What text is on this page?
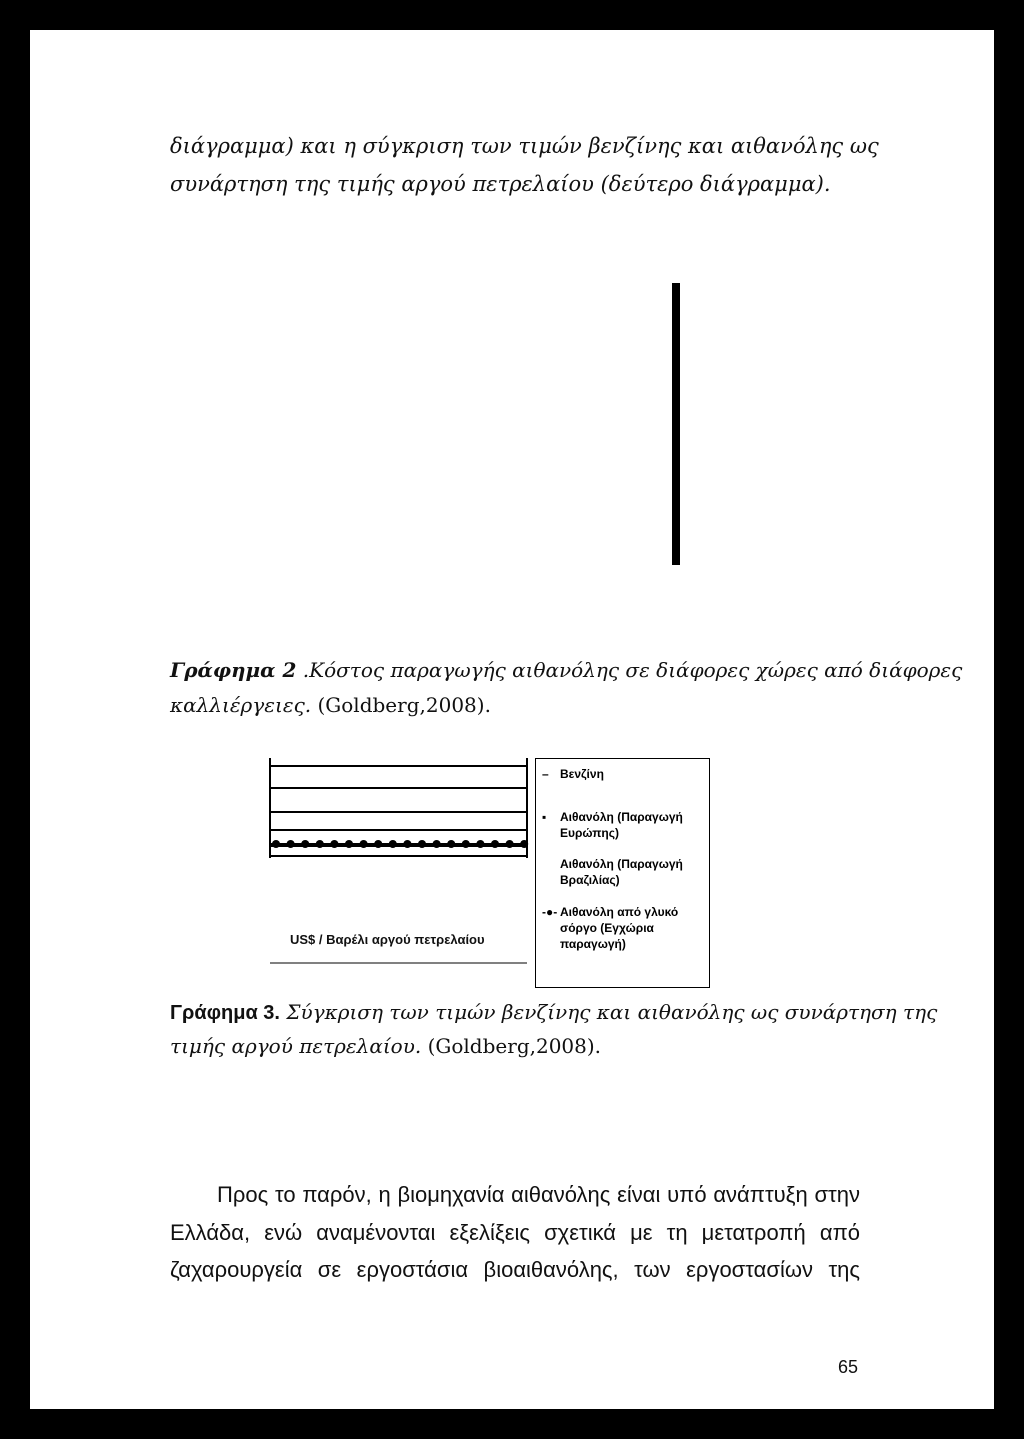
διάγραμμα) και η σύγκριση των τιμών βενζίνης και αιθανόλης ως
συνάρτηση της τιμής αργού πετρελαίου (δεύτερο διάγραμμα).
Γράφημα 2 .Κόστος παραγωγής αιθανόλης σε διάφορες χώρες από διάφορες
καλλιέργειες. (Goldberg,2008).
US$ / Βαρέλι αργού πετρελαίου
– Βενζίνη
▪ Αιθανόλη (Παραγωγή Ευρώπης)
Αιθανόλη (Παραγωγή Βραζιλίας)
-●- Αιθανόλη από γλυκό σόργο (Εγχώρια παραγωγή)
Γράφημα 3. Σύγκριση των τιμών βενζίνης και αιθανόλης ως συνάρτηση της
τιμής αργού πετρελαίου. (Goldberg,2008).
Προς το παρόν, η βιομηχανία αιθανόλης είναι υπό ανάπτυξη στην
Ελλάδα, ενώ αναμένονται εξελίξεις σχετικά με τη μετατροπή από
ζαχαρουργεία σε εργοστάσια βιοαιθανόλης, των εργοστασίων της
65
